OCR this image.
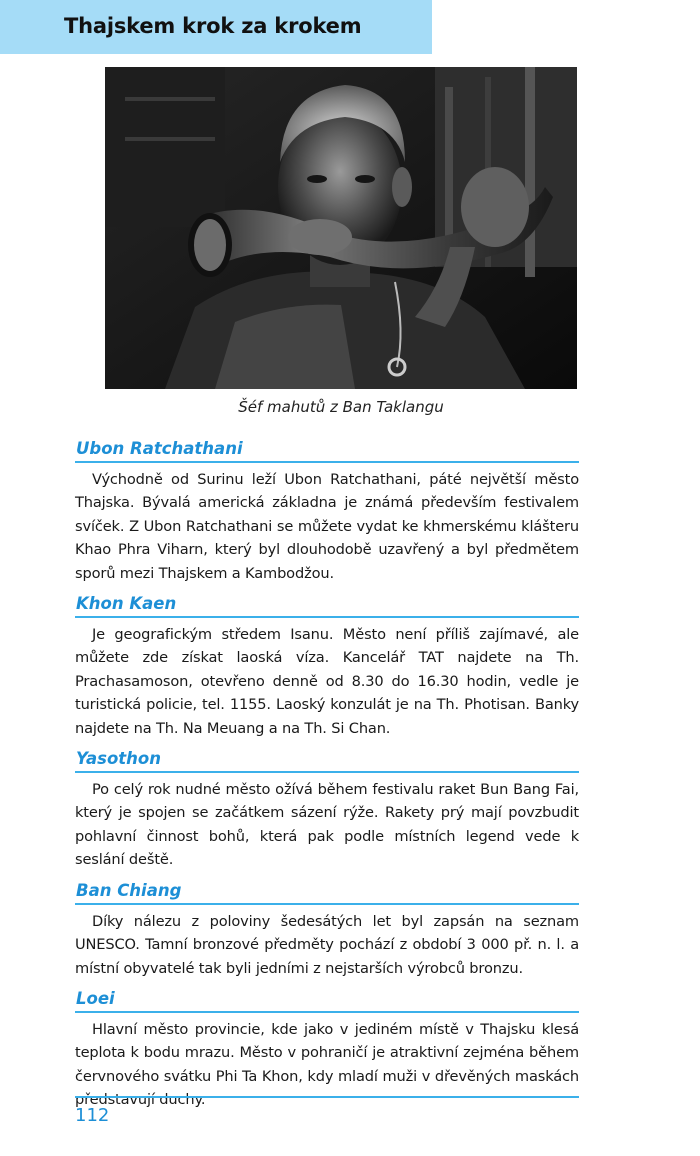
Thajskem krok za krokem
Šéf mahutů z Ban Taklangu
Ubon Ratchathani
Východně od Surinu leží Ubon Ratchathani, páté největší město Thajska. Bývalá americká základna je známá především festivalem svíček. Z Ubon Ratchathani se můžete vydat ke khmerskému klášteru Khao Phra Viharn, který byl dlouhodobě uzavřený a byl předmětem sporů mezi Thajskem a Kambodžou.
Khon Kaen
Je geografickým středem Isanu. Město není příliš zajímavé, ale můžete zde získat laoská víza. Kancelář TAT najdete na Th. Prachasamoson, otevřeno denně od 8.30 do 16.30 hodin, vedle je turistická policie, tel. 1155. Laoský konzulát je na Th. Photisan. Banky najdete na Th. Na Meuang a na Th. Si Chan.
Yasothon
Po celý rok nudné město ožívá během festivalu raket Bun Bang Fai, který je spojen se začátkem sázení rýže. Rakety prý mají povzbudit pohlavní činnost bohů, která pak podle místních legend vede k seslání deště.
Ban Chiang
Díky nálezu z poloviny šedesátých let byl zapsán na seznam UNESCO. Tamní bronzové předměty pochází z období 3 000 př. n. l. a místní obyvatelé tak byli jedními z nejstarších výrobců bronzu.
Loei
Hlavní město provincie, kde jako v jediném místě v Thajsku klesá teplota k bodu mrazu. Město v pohraničí je atraktivní zejména během červnového svátku Phi Ta Khon, kdy mladí muži v dřevěných maskách představují duchy.
112
